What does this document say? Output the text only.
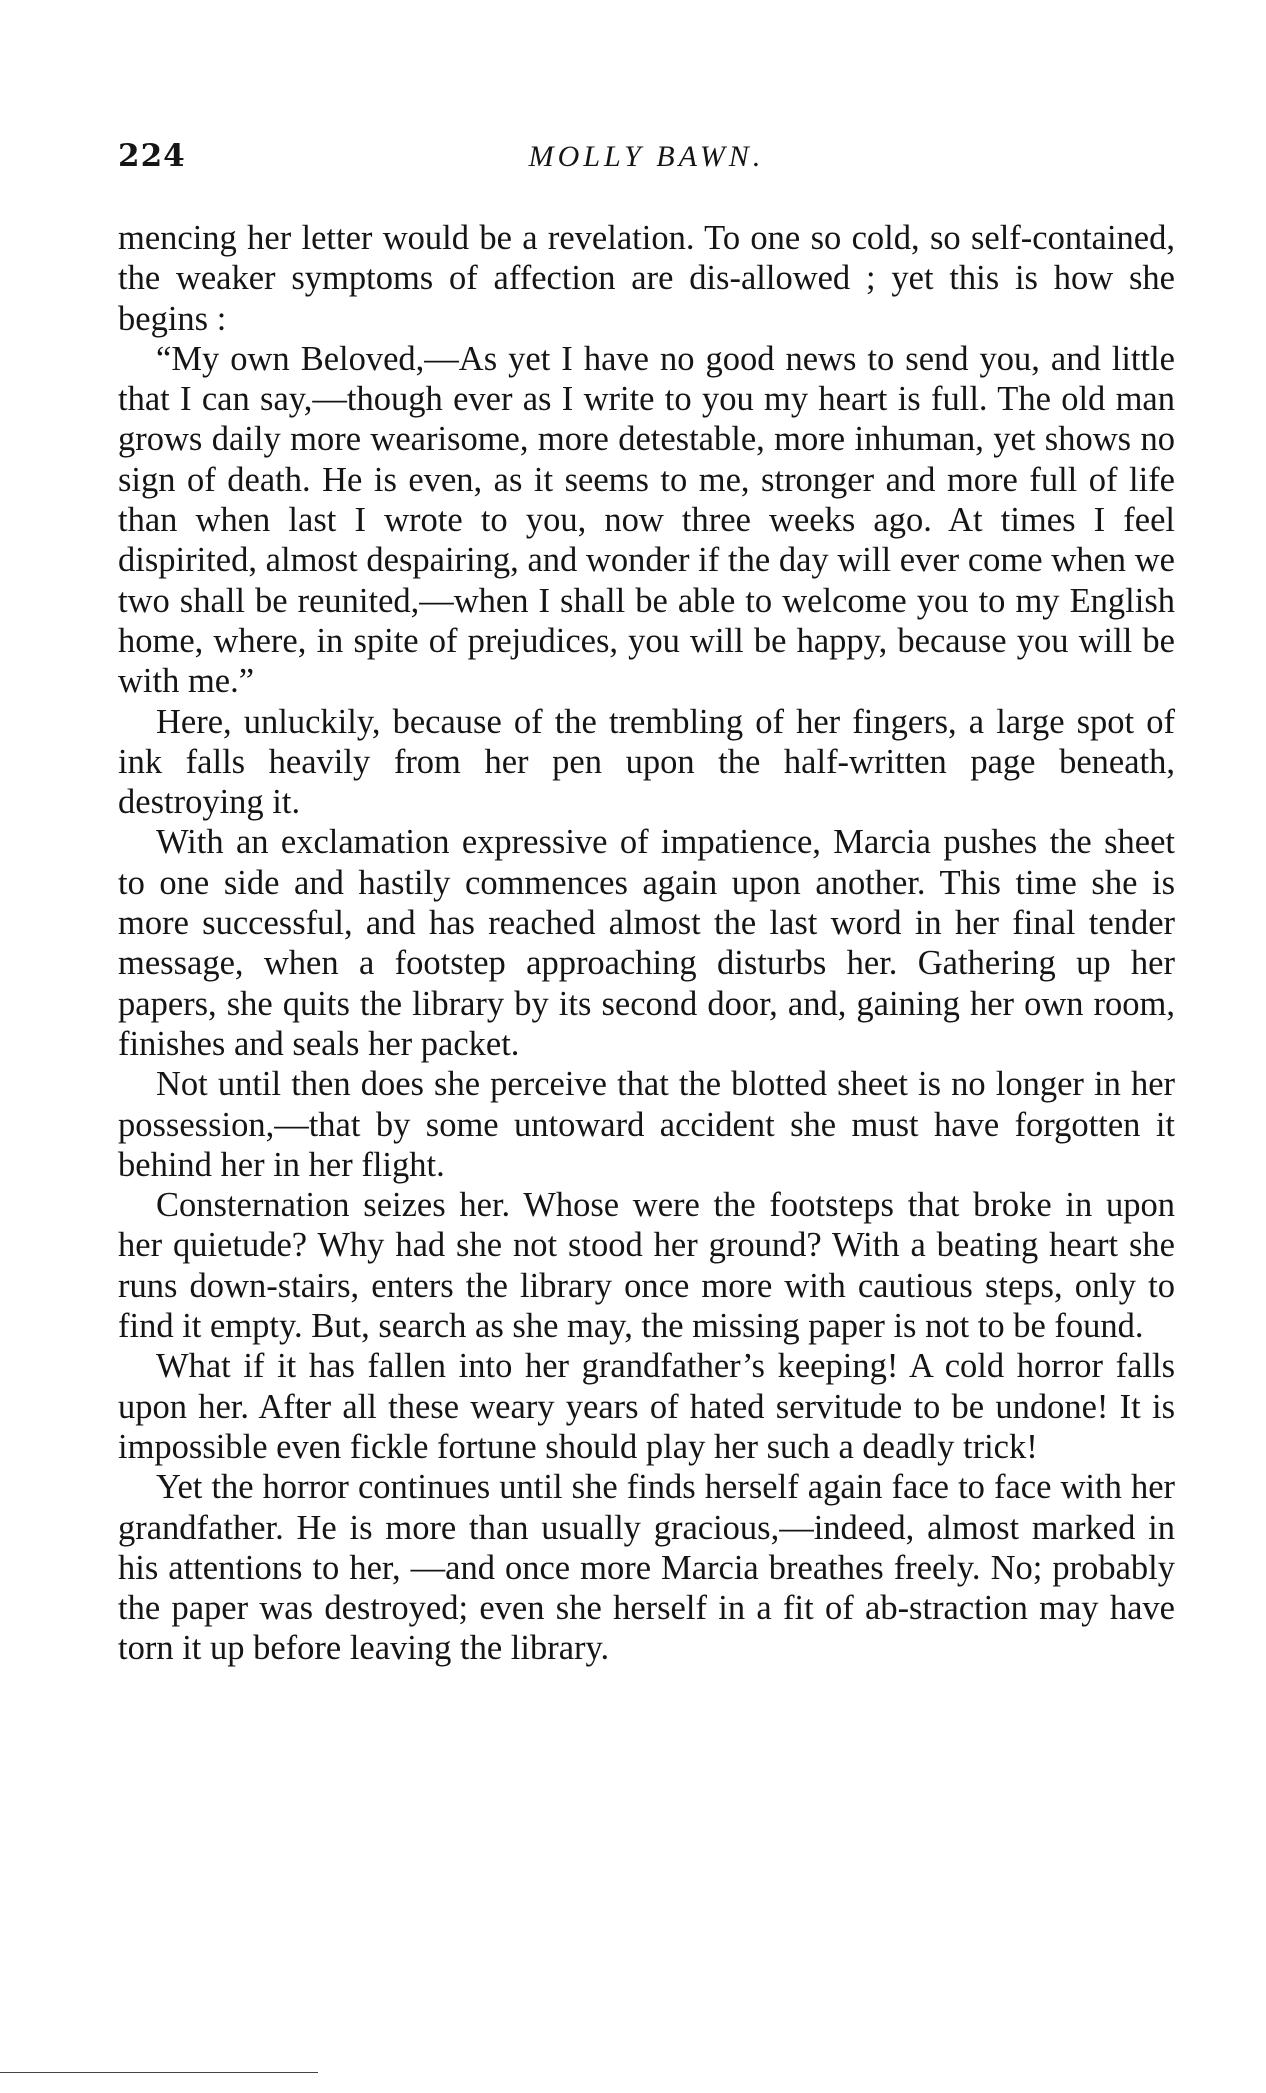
224	MOLLY BAWN.

mencing her letter would be a revelation. To one so cold, so self-contained, the weaker symptoms of affection are dis-allowed ; yet this is how she begins :

“My own Beloved,—As yet I have no good news to send you, and little that I can say,—though ever as I write to you my heart is full. The old man grows daily more wearisome, more detestable, more inhuman, yet shows no sign of death. He is even, as it seems to me, stronger and more full of life than when last I wrote to you, now three weeks ago. At times I feel dispirited, almost despairing, and wonder if the day will ever come when we two shall be reunited,—when I shall be able to welcome you to my English home, where, in spite of prejudices, you will be happy, because you will be with me.”

Here, unluckily, because of the trembling of her fingers, a large spot of ink falls heavily from her pen upon the half-written page beneath, destroying it.

With an exclamation expressive of impatience, Marcia pushes the sheet to one side and hastily commences again upon another. This time she is more successful, and has reached almost the last word in her final tender message, when a footstep approaching disturbs her. Gathering up her papers, she quits the library by its second door, and, gaining her own room, finishes and seals her packet.

Not until then does she perceive that the blotted sheet is no longer in her possession,—that by some untoward accident she must have forgotten it behind her in her flight.

Consternation seizes her. Whose were the footsteps that broke in upon her quietude? Why had she not stood her ground? With a beating heart she runs down-stairs, enters the library once more with cautious steps, only to find it empty. But, search as she may, the missing paper is not to be found.

What if it has fallen into her grandfather’s keeping! A cold horror falls upon her. After all these weary years of hated servitude to be undone! It is impossible even fickle fortune should play her such a deadly trick!

Yet the horror continues until she finds herself again face to face with her grandfather. He is more than usually gracious,—indeed, almost marked in his attentions to her, —and once more Marcia breathes freely. No; probably the paper was destroyed; even she herself in a fit of ab-straction may have torn it up before leaving the library.
